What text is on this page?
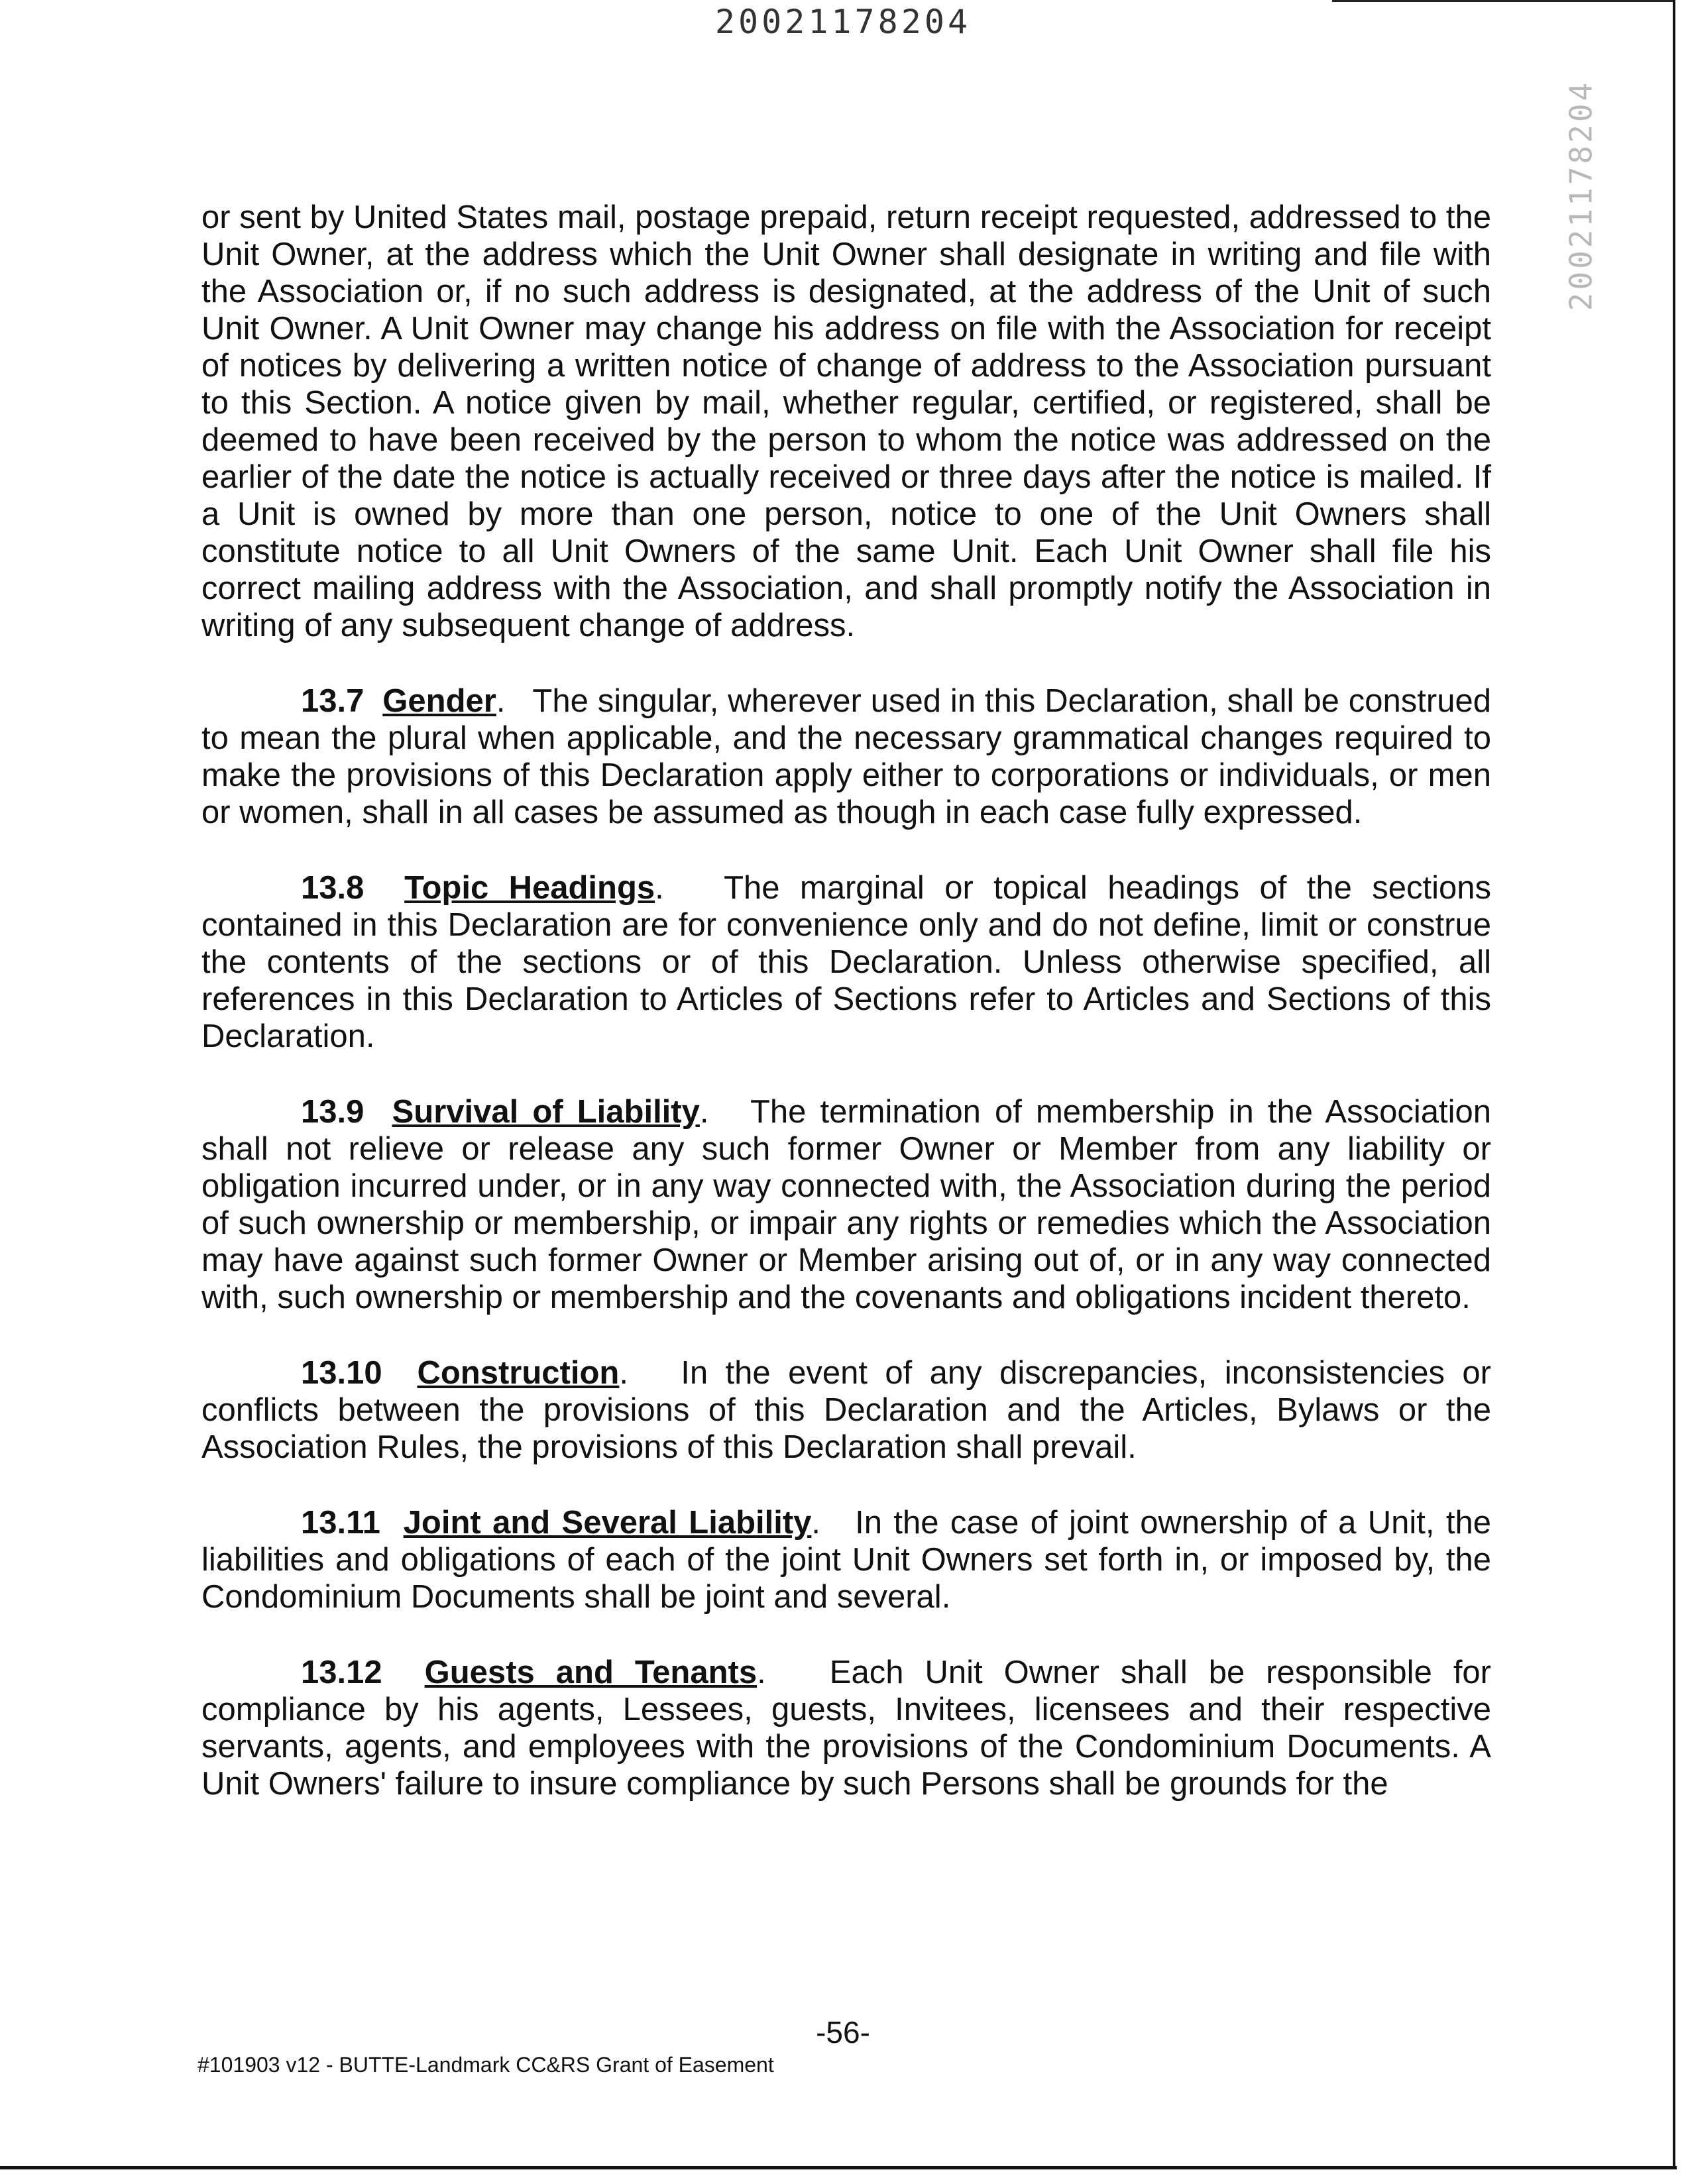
20021178204
20021178204

or sent by United States mail, postage prepaid, return receipt requested, addressed to the Unit Owner, at the address which the Unit Owner shall designate in writing and file with the Association or, if no such address is designated, at the address of the Unit of such Unit Owner. A Unit Owner may change his address on file with the Association for receipt of notices by delivering a written notice of change of address to the Association pursuant to this Section. A notice given by mail, whether regular, certified, or registered, shall be deemed to have been received by the person to whom the notice was addressed on the earlier of the date the notice is actually received or three days after the notice is mailed. If a Unit is owned by more than one person, notice to one of the Unit Owners shall constitute notice to all Unit Owners of the same Unit. Each Unit Owner shall file his correct mailing address with the Association, and shall promptly notify the Association in writing of any subsequent change of address.

13.7 Gender.   The singular, wherever used in this Declaration, shall be construed to mean the plural when applicable, and the necessary grammatical changes required to make the provisions of this Declaration apply either to corporations or individuals, or men or women, shall in all cases be assumed as though in each case fully expressed.

13.8 Topic Headings.   The marginal or topical headings of the sections contained in this Declaration are for convenience only and do not define, limit or construe the contents of the sections or of this Declaration. Unless otherwise specified, all references in this Declaration to Articles of Sections refer to Articles and Sections of this Declaration.

13.9 Survival of Liability.   The termination of membership in the Association shall not relieve or release any such former Owner or Member from any liability or obligation incurred under, or in any way connected with, the Association during the period of such ownership or membership, or impair any rights or remedies which the Association may have against such former Owner or Member arising out of, or in any way connected with, such ownership or membership and the covenants and obligations incident thereto.

13.10 Construction.   In the event of any discrepancies, inconsistencies or conflicts between the provisions of this Declaration and the Articles, Bylaws or the Association Rules, the provisions of this Declaration shall prevail.

13.11 Joint and Several Liability.   In the case of joint ownership of a Unit, the liabilities and obligations of each of the joint Unit Owners set forth in, or imposed by, the Condominium Documents shall be joint and several.

13.12 Guests and Tenants.   Each Unit Owner shall be responsible for compliance by his agents, Lessees, guests, Invitees, licensees and their respective servants, agents, and employees with the provisions of the Condominium Documents. A Unit Owners' failure to insure compliance by such Persons shall be grounds for the

-56-
#101903 v12 - BUTTE-Landmark CC&RS Grant of Easement
